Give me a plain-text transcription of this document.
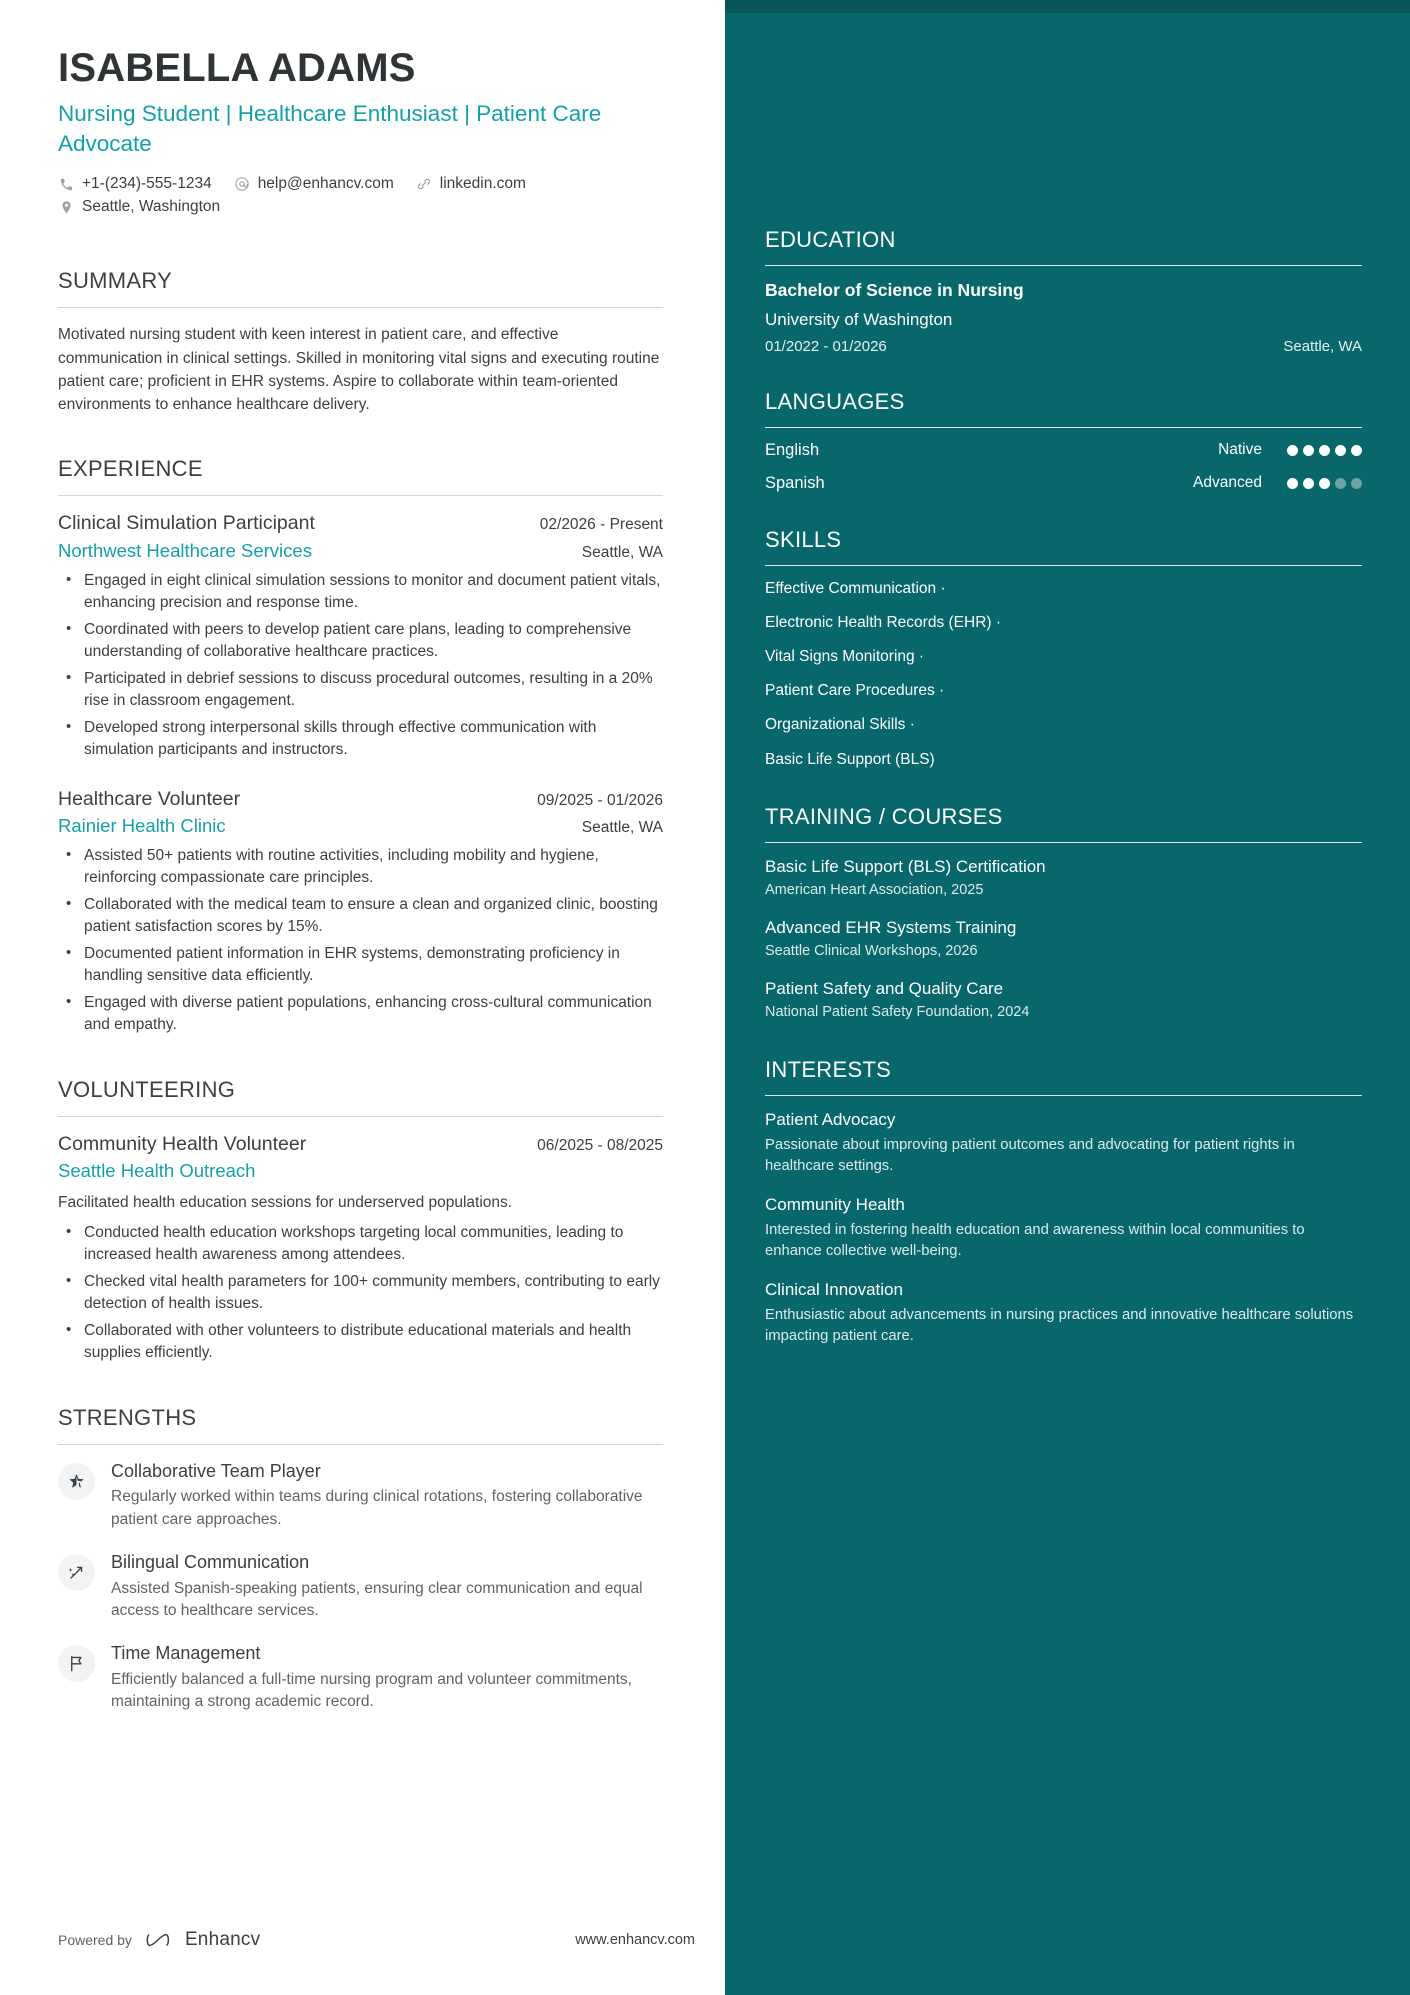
ISABELLA ADAMS
Nursing Student | Healthcare Enthusiast | Patient Care Advocate
+1-(234)-555-1234	help@enhancv.com	linkedin.com
Seattle, Washington
SUMMARY
Motivated nursing student with keen interest in patient care, and effective communication in clinical settings. Skilled in monitoring vital signs and executing routine patient care; proficient in EHR systems. Aspire to collaborate within team-oriented environments to enhance healthcare delivery.
EXPERIENCE
Clinical Simulation Participant	02/2026 - Present
Northwest Healthcare Services	Seattle, WA
• Engaged in eight clinical simulation sessions to monitor and document patient vitals, enhancing precision and response time.
• Coordinated with peers to develop patient care plans, leading to comprehensive understanding of collaborative healthcare practices.
• Participated in debrief sessions to discuss procedural outcomes, resulting in a 20% rise in classroom engagement.
• Developed strong interpersonal skills through effective communication with simulation participants and instructors.
Healthcare Volunteer	09/2025 - 01/2026
Rainier Health Clinic	Seattle, WA
• Assisted 50+ patients with routine activities, including mobility and hygiene, reinforcing compassionate care principles.
• Collaborated with the medical team to ensure a clean and organized clinic, boosting patient satisfaction scores by 15%.
• Documented patient information in EHR systems, demonstrating proficiency in handling sensitive data efficiently.
• Engaged with diverse patient populations, enhancing cross-cultural communication and empathy.
VOLUNTEERING
Community Health Volunteer	06/2025 - 08/2025
Seattle Health Outreach
Facilitated health education sessions for underserved populations.
• Conducted health education workshops targeting local communities, leading to increased health awareness among attendees.
• Checked vital health parameters for 100+ community members, contributing to early detection of health issues.
• Collaborated with other volunteers to distribute educational materials and health supplies efficiently.
STRENGTHS
Collaborative Team Player
Regularly worked within teams during clinical rotations, fostering collaborative patient care approaches.
Bilingual Communication
Assisted Spanish-speaking patients, ensuring clear communication and equal access to healthcare services.
Time Management
Efficiently balanced a full-time nursing program and volunteer commitments, maintaining a strong academic record.
Powered by	Enhancv	www.enhancv.com
EDUCATION
Bachelor of Science in Nursing
University of Washington
01/2022 - 01/2026	Seattle, WA
LANGUAGES
English	Native
Spanish	Advanced
SKILLS
Effective Communication ·
Electronic Health Records (EHR) ·
Vital Signs Monitoring ·
Patient Care Procedures ·
Organizational Skills ·
Basic Life Support (BLS)
TRAINING / COURSES
Basic Life Support (BLS) Certification
American Heart Association, 2025
Advanced EHR Systems Training
Seattle Clinical Workshops, 2026
Patient Safety and Quality Care
National Patient Safety Foundation, 2024
INTERESTS
Patient Advocacy
Passionate about improving patient outcomes and advocating for patient rights in healthcare settings.
Community Health
Interested in fostering health education and awareness within local communities to enhance collective well-being.
Clinical Innovation
Enthusiastic about advancements in nursing practices and innovative healthcare solutions impacting patient care.
